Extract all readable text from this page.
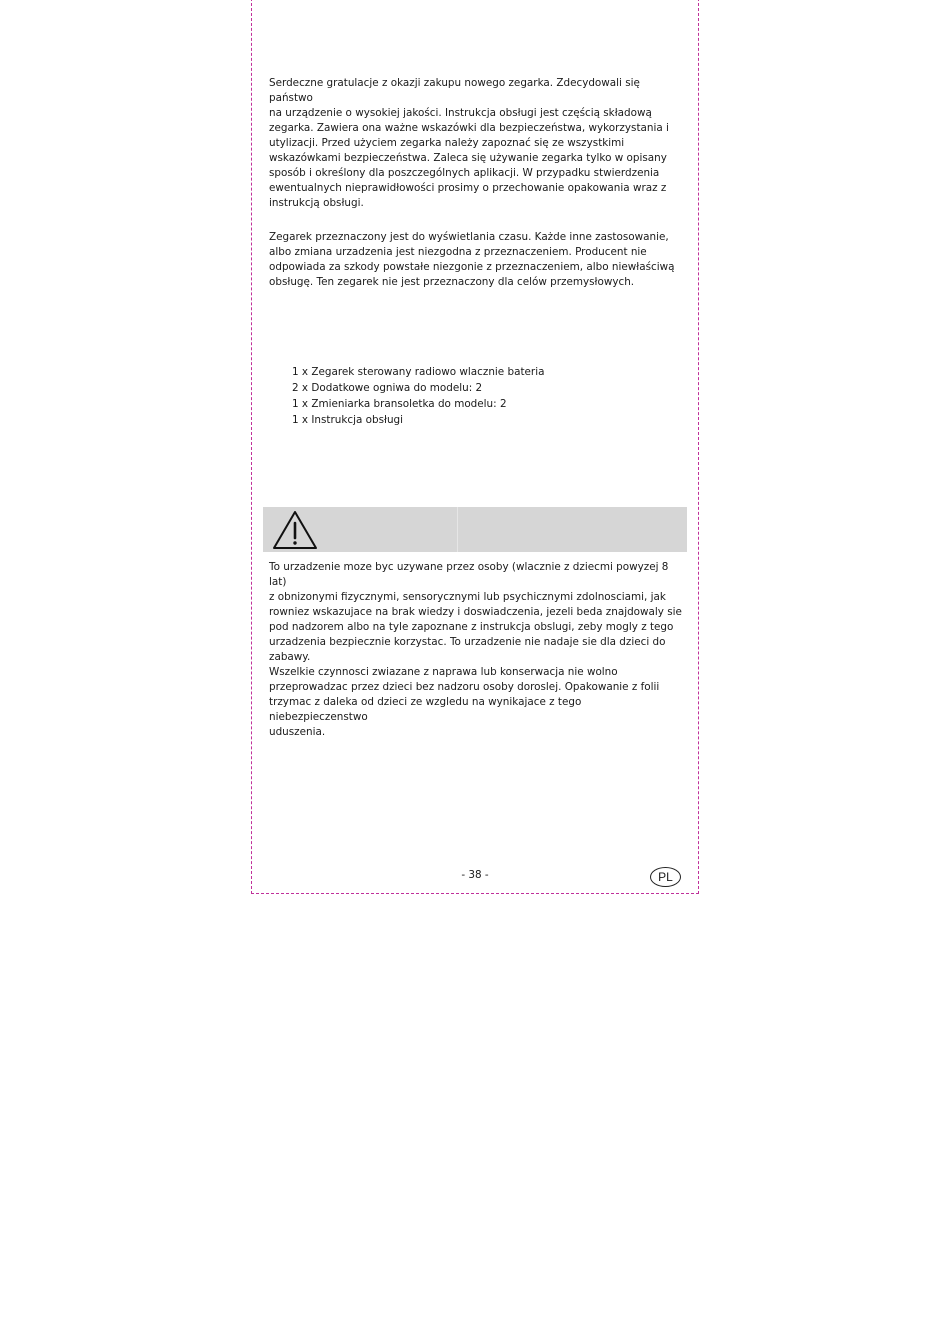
Serdeczne gratulacje z okazji zakupu nowego zegarka. Zdecydowali się państwo
na urządzenie o wysokiej jakości. Instrukcja obsługi jest częścią składową
zegarka. Zawiera ona ważne wskazówki dla bezpieczeństwa, wykorzystania i
utylizacji. Przed użyciem zegarka należy zapoznać się ze wszystkimi
wskazówkami bezpieczeństwa. Zaleca się używanie zegarka tylko w opisany
sposób i określony dla poszczególnych aplikacji. W przypadku stwierdzenia
ewentualnych nieprawidłowości prosimy o przechowanie opakowania wraz z
instrukcją obsługi.

Zegarek przeznaczony jest do wyświetlania czasu. Każde inne zastosowanie,
albo zmiana urzadzenia jest niezgodna z przeznaczeniem. Producent nie
odpowiada za szkody powstałe niezgonie z przeznaczeniem, albo niewłaściwą
obsługę. Ten zegarek nie jest przeznaczony dla celów przemysłowych.

1 x Zegarek sterowany radiowo wlacznie bateria
2 x Dodatkowe ogniwa do modelu: 2
1 x Zmieniarka bransoletka do modelu: 2
1 x Instrukcja obsługi

To urzadzenie moze byc uzywane przez osoby (wlacznie z dziecmi powyzej 8 lat)
z obnizonymi fizycznymi, sensorycznymi lub psychicznymi zdolnosciami, jak
rowniez wskazujace na brak wiedzy i doswiadczenia, jezeli beda znajdowaly sie
pod nadzorem albo na tyle zapoznane z instrukcja obslugi, zeby mogly z tego
urzadzenia bezpiecznie korzystac. To urzadzenie nie nadaje sie dla dzieci do
zabawy.
Wszelkie czynnosci zwiazane z naprawa lub konserwacja nie wolno
przeprowadzac przez dzieci bez nadzoru osoby doroslej. Opakowanie z folii
trzymac z daleka od dzieci ze wzgledu na wynikajace z tego niebezpieczenstwo
uduszenia.

- 38 -	PL
